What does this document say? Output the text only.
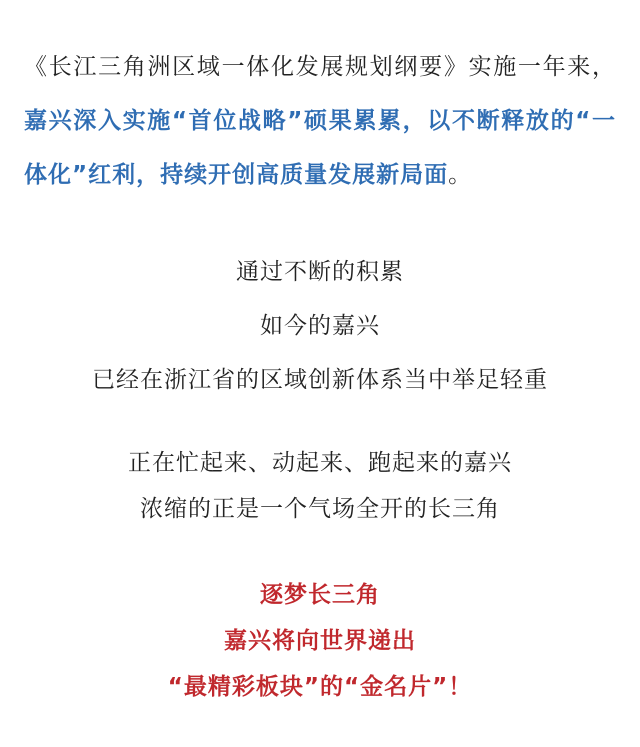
《长江三角洲区域一体化发展规划纲要》实施一年来，嘉兴深入实施“首位战略”硕果累累，以不断释放的“一体化”红利，持续开创高质量发展新局面。
通过不断的积累
如今的嘉兴
已经在浙江省的区域创新体系当中举足轻重
正在忙起来、动起来、跑起来的嘉兴
浓缩的正是一个气场全开的长三角
逐梦长三角
嘉兴将向世界递出
“最精彩板块”的“金名片”！
